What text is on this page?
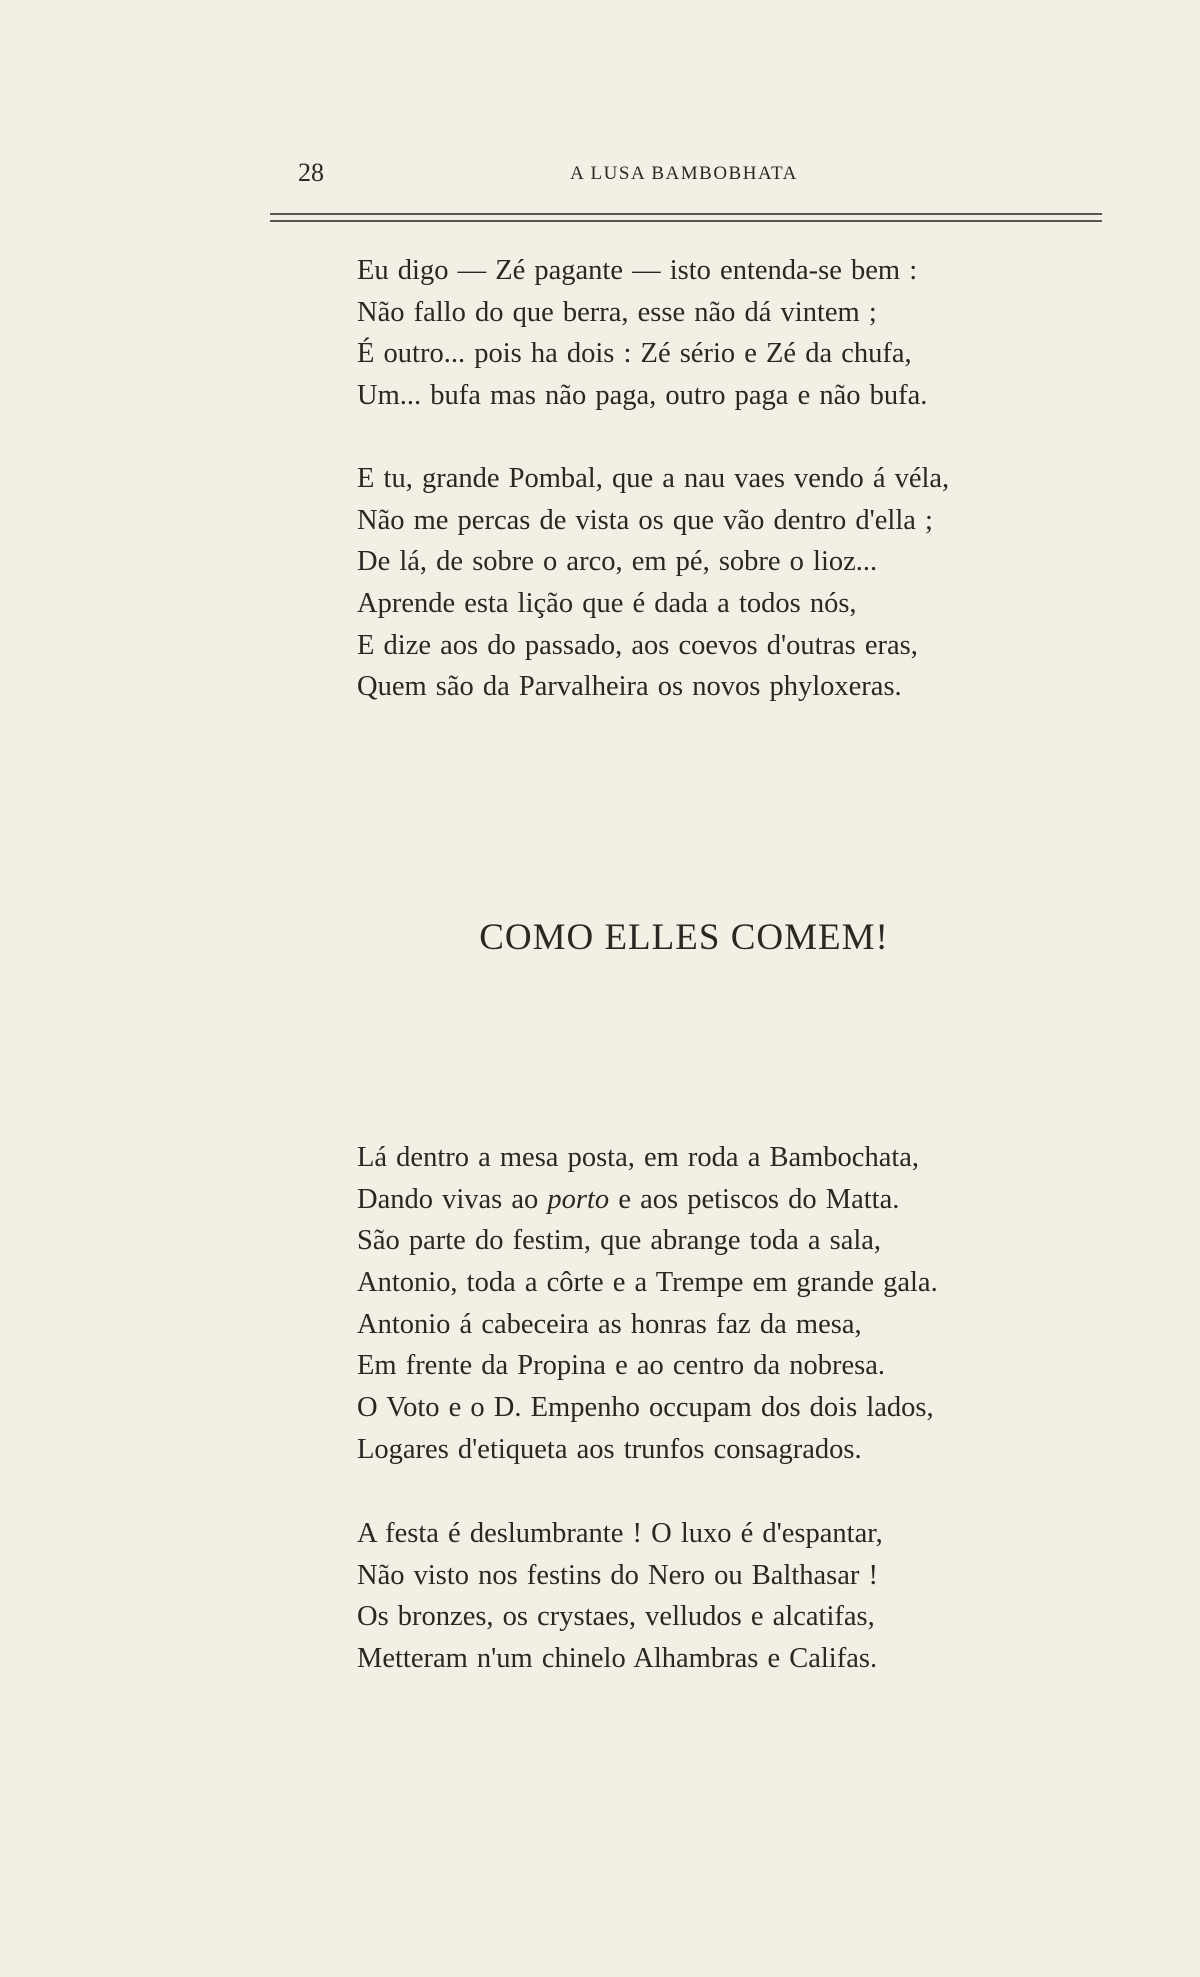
28	A LUSA BAMBOBHATA
Eu digo — Zé pagante — isto entenda-se bem :
Não fallo do que berra, esse não dá vintem ;
É outro... pois ha dois : Zé sério e Zé da chufa,
Um... bufa mas não paga, outro paga e não bufa.
E tu, grande Pombal, que a nau vaes vendo á véla,
Não me percas de vista os que vão dentro d'ella ;
De lá, de sobre o arco, em pé, sobre o lioz...
Aprende esta lição que é dada a todos nós,
E dize aos do passado, aos coevos d'outras eras,
Quem são da Parvalheira os novos phyloxeras.
COMO ELLES COMEM!
Lá dentro a mesa posta, em roda a Bambochata,
Dando vivas ao porto e aos petiscos do Matta.
São parte do festim, que abrange toda a sala,
Antonio, toda a côrte e a Trempe em grande gala.
Antonio á cabeceira as honras faz da mesa,
Em frente da Propina e ao centro da nobresa.
O Voto e o D. Empenho occupam dos dois lados,
Logares d'etiqueta aos trunfos consagrados.
A festa é deslumbrante ! O luxo é d'espantar,
Não visto nos festins do Nero ou Balthasar !
Os bronzes, os crystaes, velludos e alcatifas,
Metteram n'um chinelo Alhambras e Califas.
